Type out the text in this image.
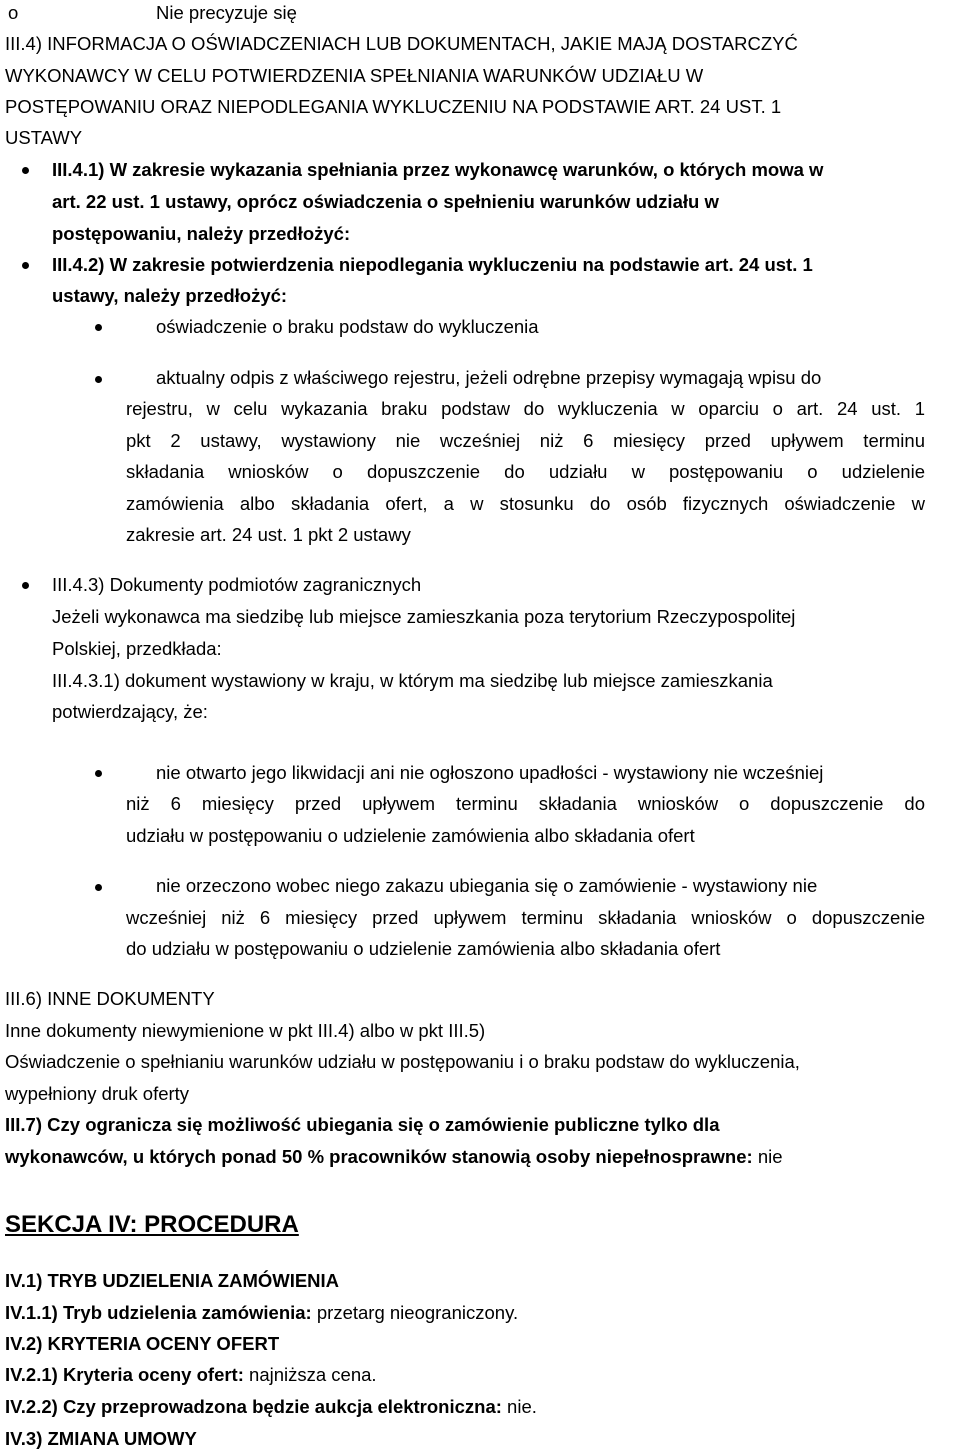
o	Nie precyzuje się
III.4) INFORMACJA O OŚWIADCZENIACH LUB DOKUMENTACH, JAKIE MAJĄ DOSTARCZYĆ
WYKONAWCY W CELU POTWIERDZENIA SPEŁNIANIA WARUNKÓW UDZIAŁU W
POSTĘPOWANIU ORAZ NIEPODLEGANIA WYKLUCZENIU NA PODSTAWIE ART. 24 UST. 1
USTAWY
III.4.1) W zakresie wykazania spełniania przez wykonawcę warunków, o których mowa w
art. 22 ust. 1 ustawy, oprócz oświadczenia o spełnieniu warunków udziału w
postępowaniu, należy przedłożyć:
III.4.2) W zakresie potwierdzenia niepodlegania wykluczeniu na podstawie art. 24 ust. 1
ustawy, należy przedłożyć:
oświadczenie o braku podstaw do wykluczenia
aktualny odpis z właściwego rejestru, jeżeli odrębne przepisy wymagają wpisu do
rejestru, w celu wykazania braku podstaw do wykluczenia w oparciu o art. 24 ust. 1
pkt 2 ustawy, wystawiony nie wcześniej niż 6 miesięcy przed upływem terminu
składania wniosków o dopuszczenie do udziału w postępowaniu o udzielenie
zamówienia albo składania ofert, a w stosunku do osób fizycznych oświadczenie w
zakresie art. 24 ust. 1 pkt 2 ustawy
III.4.3) Dokumenty podmiotów zagranicznych
Jeżeli wykonawca ma siedzibę lub miejsce zamieszkania poza terytorium Rzeczypospolitej
Polskiej, przedkłada:
III.4.3.1) dokument wystawiony w kraju, w którym ma siedzibę lub miejsce zamieszkania
potwierdzający, że:
nie otwarto jego likwidacji ani nie ogłoszono upadłości - wystawiony nie wcześniej
niż 6 miesięcy przed upływem terminu składania wniosków o dopuszczenie do
udziału w postępowaniu o udzielenie zamówienia albo składania ofert
nie orzeczono wobec niego zakazu ubiegania się o zamówienie - wystawiony nie
wcześniej niż 6 miesięcy przed upływem terminu składania wniosków o dopuszczenie
do udziału w postępowaniu o udzielenie zamówienia albo składania ofert
III.6) INNE DOKUMENTY
Inne dokumenty niewymienione w pkt III.4) albo w pkt III.5)
Oświadczenie o spełnianiu warunków udziału w postępowaniu i o braku podstaw do wykluczenia,
wypełniony druk oferty
III.7) Czy ogranicza się możliwość ubiegania się o zamówienie publiczne tylko dla
wykonawców, u których ponad 50 % pracowników stanowią osoby niepełnosprawne: nie
SEKCJA IV: PROCEDURA
IV.1) TRYB UDZIELENIA ZAMÓWIENIA
IV.1.1) Tryb udzielenia zamówienia: przetarg nieograniczony.
IV.2) KRYTERIA OCENY OFERT
IV.2.1) Kryteria oceny ofert: najniższa cena.
IV.2.2) Czy przeprowadzona będzie aukcja elektroniczna: nie.
IV.3) ZMIANA UMOWY
